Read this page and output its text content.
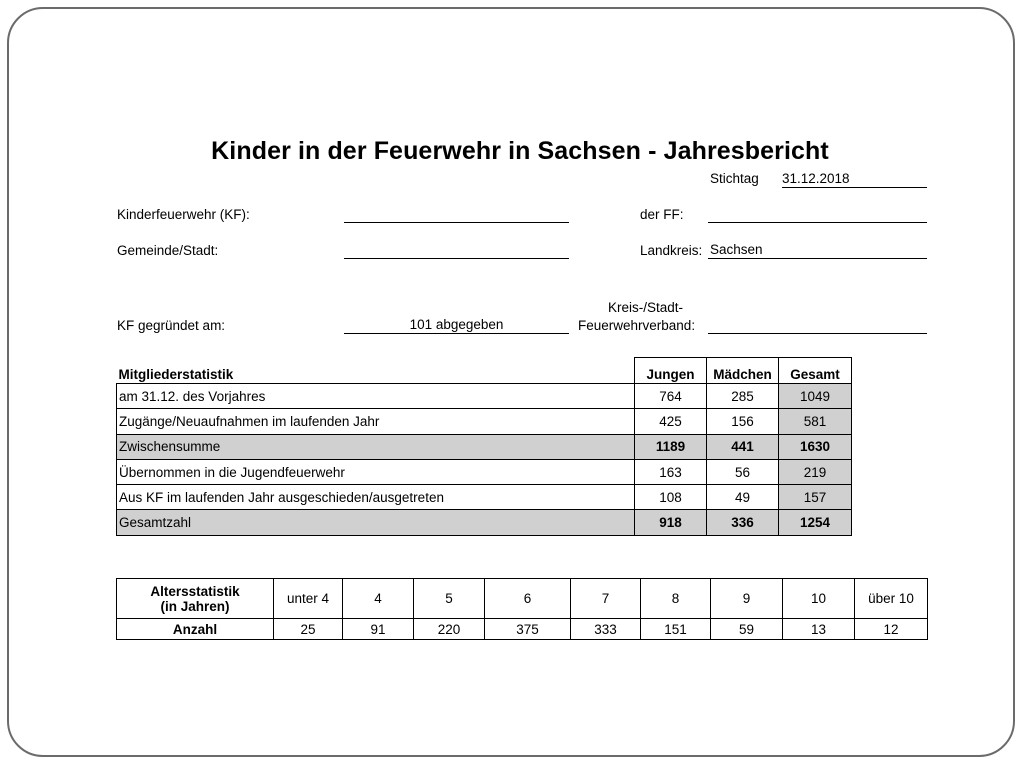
Kinder in der Feuerwehr in Sachsen - Jahresbericht
Stichtag 31.12.2018
Kinderfeuerwehr (KF):	der FF:
Gemeinde/Stadt:	Landkreis: Sachsen
KF gegründet am:	101 abgegeben
Kreis-/Stadt-
Feuerwehrverband:
Mitgliederstatistik	Jungen	Mädchen	Gesamt
am 31.12. des Vorjahres	764	285	1049
Zugänge/Neuaufnahmen im laufenden Jahr	425	156	581
Zwischensumme	1189	441	1630
Übernommen in die Jugendfeuerwehr	163	56	219
Aus KF im laufenden Jahr ausgeschieden/ausgetreten	108	49	157
Gesamtzahl	918	336	1254
Altersstatistik
(in Jahren)	unter 4	4	5	6	7	8	9	10	über 10
Anzahl	25	91	220	375	333	151	59	13	12
